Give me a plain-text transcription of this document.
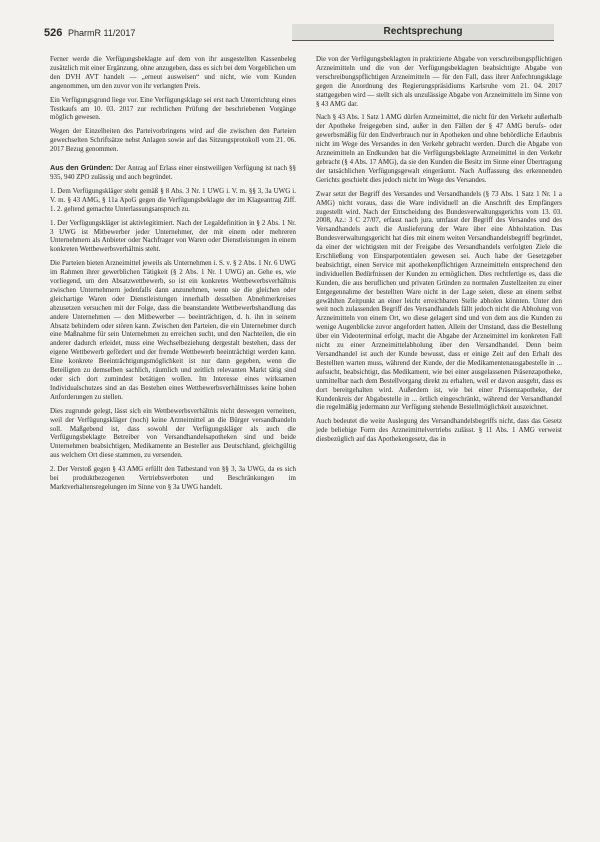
526 PharmR 11/2017	Rechtsprechung

Ferner werde die Verfügungsbeklagte auf dem von ihr ausgestellten Kassenbeleg zusätzlich mit einer Ergänzung, ohne anzugeben, dass es sich bei dem Vorgeblichen um den DVH AVT handelt — „erneut ausweisen“ und nicht, wie vom Kunden angenommen, um den zuvor von ihr verlangten Preis.

Ein Verfügungsgrund liege vor. Eine Verfügungsklage sei erst nach Unterrichtung eines Testkaufs am 10. 03. 2017 zur rechtlichen Prüfung der beschriebenen Vorgänge möglich gewesen.

Wegen der Einzelheiten des Parteivorbringens wird auf die zwischen den Parteien gewechselten Schriftsätze nebst Anlagen sowie auf das Sitzungsprotokoll vom 21. 06. 2017 Bezug genommen.

Aus den Gründen: Der Antrag auf Erlass einer einstweiligen Verfügung ist nach §§ 935, 940 ZPO zulässig und auch begründet.

1. Dem Verfügungskläger steht gemäß § 8 Abs. 3 Nr. 1 UWG i. V. m. §§ 3, 3a UWG i. V. m. § 43 AMG, § 11a ApoG gegen die Verfügungsbeklagte der im Klageantrag Ziff. 1. 2. geltend gemachte Unterlassungsanspruch zu.

1. Der Verfügungskläger ist aktivlegitimiert. Nach der Legaldefinition in § 2 Abs. 1 Nr. 3 UWG ist Mitbewerber jeder Unternehmer, der mit einem oder mehreren Unternehmern als Anbieter oder Nachfrager von Waren oder Dienstleistungen in einem konkreten Wettbewerbsverhältnis steht.

Die Parteien bieten Arzneimittel jeweils als Unternehmen i. S. v. § 2 Abs. 1 Nr. 6 UWG im Rahmen ihrer gewerblichen Tätigkeit (§ 2 Abs. 1 Nr. 1 UWG) an. Gehe es, wie vorliegend, um den Absatzwettbewerb, so ist ein konkretes Wettbewerbsverhältnis zwischen Unternehmern jedenfalls dann anzunehmen, wenn sie die gleichen oder gleichartige Waren oder Dienstleistungen innerhalb desselben Abnehmerkreises abzusetzen versuchen mit der Folge, dass die beanstandete Wettbewerbshandlung das andere Unternehmen — den Mitbewerber — beeinträchtigen, d. h. ihn in seinem Absatz behindern oder stören kann. Zwischen den Parteien, die ein Unternehmer durch eine Maßnahme für sein Unternehmen zu erreichen sucht, und den Nachteilen, die ein anderer dadurch erleidet, muss eine Wechselbeziehung dergestalt bestehen, dass der eigene Wettbewerb gefördert und der fremde Wettbewerb beeinträchtigt werden kann. Eine konkrete Beeinträchtigungsmöglichkeit ist nur dann gegeben, wenn die Beteiligten zu demselben sachlich, räumlich und zeitlich relevanten Markt tätig sind oder sich dort zumindest betätigen wollen. Im Interesse eines wirksamen Individualschutzes sind an das Bestehen eines Wettbewerbsverhältnisses keine hohen Anforderungen zu stellen.

Dies zugrunde gelegt, lässt sich ein Wettbewerbsverhältnis nicht deswegen verneinen, weil der Verfügungskläger (noch) keine Arzneimittel an die Bürger versandhandeln soll. Maßgebend ist, dass sowohl der Verfügungskläger als auch die Verfügungsbeklagte Betreiber von Versandhandelsapotheken sind und beide Unternehmen beabsichtigen, Medikamente an Besteller aus Deutschland, gleichgültig aus welchem Ort diese stammen, zu versenden.

2. Der Verstoß gegen § 43 AMG erfüllt den Tatbestand von §§ 3, 3a UWG, da es sich bei produktbezogenen Vertriebsverboten und Beschränkungen im Marktverhaltensregelungen im Sinne von § 3a UWG handelt.

Die von der Verfügungsbeklagten in praktizierte Abgabe von verschreibungspflichtigen Arzneimitteln und die von der Verfügungsbeklagten beabsichtigte Abgabe von verschreibungspflichtigen Arzneimitteln — für den Fall, dass ihrer Anfechtungsklage gegen die Anordnung des Regierungspräsidiums Karlsruhe vom 21. 04. 2017 stattgegeben wird — stellt sich als unzulässige Abgabe von Arzneimitteln im Sinne von § 43 AMG dar.

Nach § 43 Abs. 1 Satz 1 AMG dürfen Arzneimittel, die nicht für den Verkehr außerhalb der Apotheke freigegeben sind, außer in den Fällen der § 47 AMG berufs- oder gewerbsmäßig für den Endverbrauch nur in Apotheken und ohne behördliche Erlaubnis nicht im Wege des Versandes in den Verkehr gebracht werden. Durch die Abgabe von Arzneimitteln an Endkunden hat die Verfügungsbeklagte Arzneimittel in den Verkehr gebracht (§ 4 Abs. 17 AMG), da sie den Kunden die Besitz im Sinne einer Übertragung der tatsächlichen Verfügungsgewalt eingeräumt. Nach Auffassung des erkennenden Gerichts geschieht dies jedoch nicht im Wege des Versandes.

Zwar setzt der Begriff des Versandes und Versandhandels (§ 73 Abs. 1 Satz 1 Nr. 1 a AMG) nicht voraus, dass die Ware individuell an die Anschrift des Empfängers zugestellt wird. Nach der Entscheidung des Bundesverwaltungsgerichts vom 13. 03. 2008, Az.: 3 C 27/07, erfasst nach jura. umfasst der Begriff des Versandes und des Versandhandels auch die Auslieferung der Ware über eine Abholstation. Das Bundesverwaltungsgericht hat dies mit einem weiten Versandhandelsbegriff begründet, da einer der wichtigsten mit der Freigabe des Versandhandels verfolgten Ziele die Erschließung von Einsparpotentialen gewesen sei. Auch habe der Gesetzgeber beabsichtigt, einen Service mit apothekenpflichtigen Arzneimitteln entsprechend den individuellen Bedürfnissen der Kunden zu ermöglichen. Dies rechtfertige es, dass die Kunden, die aus beruflichen und privaten Gründen zu normalen Zustellzeiten zu einer Entgegennahme der bestellten Ware nicht in der Lage seien, diese an einem selbst gewählten Zeitpunkt an einer leicht erreichbaren Stelle abholen könnten. Unter den weit noch zulassenden Begriff des Versandhandels fällt jedoch nicht die Abholung von Arzneimitteln von einem Ort, wo diese gelagert sind und von dem aus die Kunden zu wenige Augenblicke zuvor angefordert hatten. Allein der Umstand, dass die Bestellung über ein Videoterminal erfolgt, macht die Abgabe der Arzneimittel im konkreten Fall nicht zu einer Arzneimittelabholung über den Versandhandel. Denn beim Versandhandel ist auch der Kunde bewusst, dass er einige Zeit auf den Erhalt des Bestellten warten muss, während der Kunde, der die Medikamentenausgabestelle in ... aufsucht, beabsichtigt, das Medikament, wie bei einer ausgelassenen Präsenzapotheke, unmittelbar nach dem Bestellvorgang direkt zu erhalten, weil er davon ausgeht, dass es dort bereitgehalten wird. Außerdem ist, wie bei einer Präsenzapotheke, der Kundenkreis der Abgabestelle in ... örtlich eingeschränkt, während der Versandhandel die regelmäßig jedermann zur Verfügung stehende Bestellmöglichkeit auszeichnet.

Auch bedeutet die weite Auslegung des Versandhandelsbegriffs nicht, dass das Gesetz jede beliebige Form des Arzneimittelvertriebs zulässt. § 11 Abs. 1 AMG verweist diesbezüglich auf das Apothekengesetz, das in
